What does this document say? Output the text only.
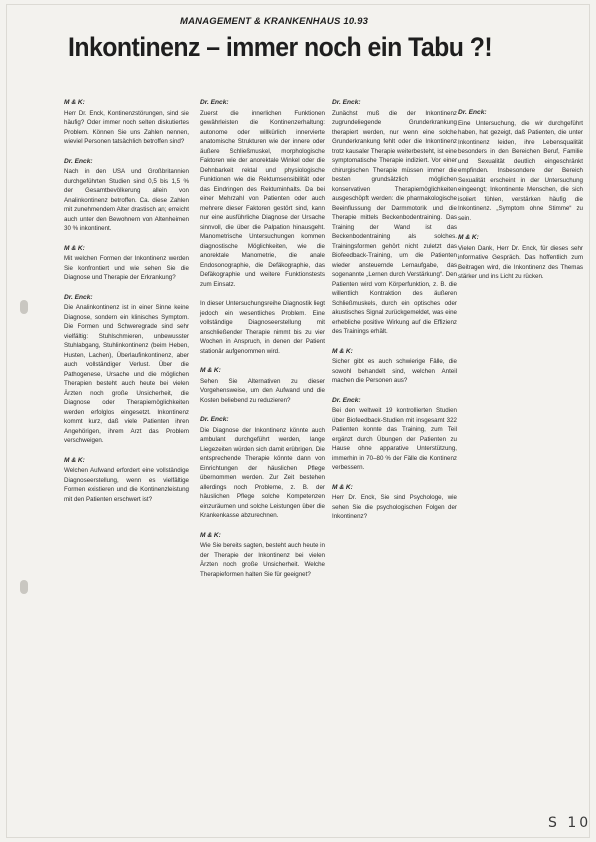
MANAGEMENT & KRANKENHAUS 10.93
Inkontinenz – immer noch ein Tabu ?!
M & K:
Herr Dr. Enck, Kontinenzstörungen, sind sie häufig? Oder immer noch selten diskutiertes Problem. Können Sie uns Zahlen nennen, wieviel Personen tatsächlich betroffen sind?
Dr. Enck:
Nach in den USA und Großbritannien durchgeführten Studien sind 0,5 bis 1,5 % der Gesamtbevölkerung allein von Analinkontinenz betroffen. Ca. diese Zahlen mit zunehmendem Alter drastisch an; erreicht auch unter den Bewohnern von Altenheimen 30 % inkontinent.
M & K:
Mit welchen Formen der Inkontinenz werden Sie konfrontiert und wie sehen Sie die Diagnose und Therapie der Erkrankung?
Dr. Enck:
Die Analinkontinenz ist in einer Sinne keine Diagnose, sondern ein klinisches Symptom. Die Formen und Schweregrade sind sehr vielfältig: Stuhlschmieren, unbewusster Stuhlabgang, Stuhlinkontinenz (beim Heben, Husten, Lachen), Überlaufinkontinenz, aber auch vollständiger Verlust. Über die Pathogenese, Ursache und die möglichen Therapien besteht auch heute bei vielen Ärzten noch große Unsicherheit, die Diagnose oder Therapiemöglichkeiten werden erfolglos eingesetzt. Inkontinenz kommt kurz, daß viele Patienten ihren Angehörigen, ihrem Arzt das Problem verschweigen.
M & K:
Welchen Aufwand erfordert eine vollständige Diagnoseerstellung, wenn es vielfältige Formen existieren und die Kontinenzleistung mit den Patienten erschwert ist?
Dr. Enck:
Zuerst die innerlichen Funktionen gewährleisten die Kontinenzerhaltung: autonome oder willkürlich innervierte anatomische Strukturen wie der innere oder äußere Schließmuskel, morphologische Faktoren wie der anorektale Winkel oder die Dehnbarkeit rektal und physiologische Funktionen wie die Rektumsensibilität oder das Eindringen des Rektuminhalts. Da bei einer Mehrzahl von Patienten oder auch mehrere dieser Faktoren gestört sind, kann nur eine ausführliche Diagnose der Ursache sinnvoll, die über die Palpation hinausgeht. Manometrische Untersuchungen kommen diagnostische Möglichkeiten, wie die anorektale Manometrie, die anale Endosonographie, die Defäkographie, das Defäkographie und weitere Funktionstests zum Einsatz.
In dieser Untersuchungsreihe Diagnostik liegt jedoch ein wesentliches Problem. Eine vollständige Diagnoseerstellung mit anschließender Therapie nimmt bis zu vier Wochen in Anspruch, in denen der Patient stationär aufgenommen wird.
M & K:
Sehen Sie Alternativen zu dieser Vorgehensweise, um den Aufwand und die Kosten beliebend zu reduzieren?
Dr. Enck:
Die Diagnose der Inkontinenz könnte auch ambulant durchgeführt werden, lange Liegezeiten würden sich damit erübrigen. Die entsprechende Therapie könnte dann von Einrichtungen der häuslichen Pflege übernommen werden. Zur Zeit bestehen allerdings noch Probleme, z. B. der häuslichen Pflege solche Kompetenzen einzuräumen und solche Leistungen über die Krankenkasse abzurechnen.
M & K:
Wie Sie bereits sagten, besteht auch heute in der Therapie der Inkontinenz bei vielen Ärzten noch große Unsicherheit. Welche Therapieformen halten Sie für geeignet?
Dr. Enck:
Zunächst muß die der Inkontinenz zugrundeliegende Grunderkrankung therapiert werden, nur wenn eine solche Grunderkrankung fehlt oder die Inkontinenz trotz kausaler Therapie weiterbesteht, ist eine symptomatische Therapie indiziert. Vor einer chirurgischen Therapie müssen immer die besten grundsätzlich möglichen konservativen Therapiemöglichkeiten ausgeschöpft werden: die pharmakologische Beeinflussung der Darmmotorik und die Therapie mittels Beckenbodentraining. Das Training der Wand ist das Beckenbodentraining als solches. Trainingsformen gehört nicht zuletzt das Biofeedback-Training, um die Patienten wieder ansteuernde Lernaufgabe, das sogenannte „Lernen durch Verstärkung“. Den Patienten wird vom Körperfunktion, z. B. die willentlich Kontraktion des äußeren Schließmuskels, durch ein optisches oder akustisches Signal zurückgemeldet, was eine erhebliche positive Wirkung auf die Effizienz des Trainings erhält.
M & K:
Sicher gibt es auch schwierige Fälle, die sowohl behandelt sind, welchen Anteil machen die Personen aus?
Dr. Enck:
Bei den weltweit 19 kontrollierten Studien über Biofeedback-Studien mit insgesamt 322 Patienten konnte das Training, zum Teil ergänzt durch Übungen der Patienten zu Hause ohne apparative Unterstützung, immerhin in 70–80 % der Fälle die Kontinenz verbessern.
M & K:
Herr Dr. Enck, Sie sind Psychologe, wie sehen Sie die psychologischen Folgen der Inkontinenz?
Dr. Enck:
Eine Untersuchung, die wir durchgeführt haben, hat gezeigt, daß Patienten, die unter Inkontinenz leiden, ihre Lebensqualität besonders in den Bereichen Beruf, Familie und Sexualität deutlich eingeschränkt empfinden. Insbesondere der Bereich Sexualität erscheint in der Untersuchung eingeengt; Inkontinente Menschen, die sich isoliert fühlen, verstärken häufig die Inkontinenz. „Symptom ohne Stimme“ zu sein.
M & K:
Vielen Dank, Herr Dr. Enck, für dieses sehr informative Gespräch. Das hoffentlich zum Beitragen wird, die Inkontinenz des Themas stärker und ins Licht zu rücken.
S 10
